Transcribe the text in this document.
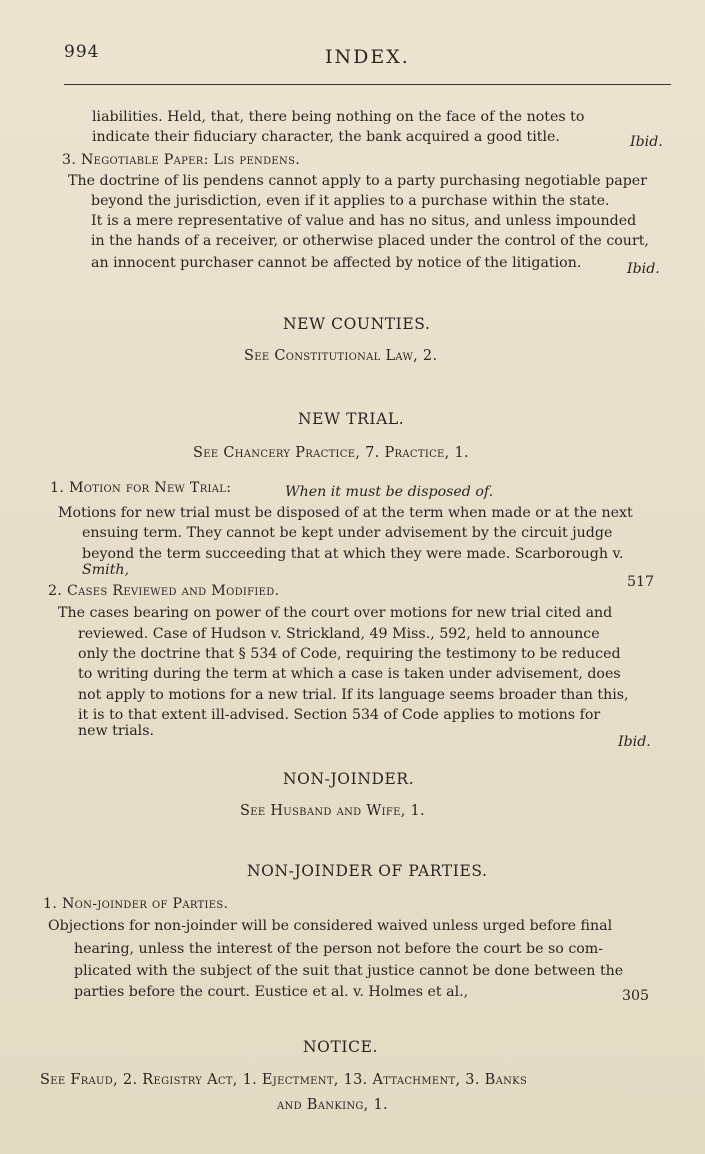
994	INDEX.
liabilities. Held, that, there being nothing on the face of the notes to
indicate their fiduciary character, the bank acquired a good title.	Ibid.
3. Negotiable Paper: Lis pendens.
The doctrine of lis pendens cannot apply to a party purchasing negotiable paper
beyond the jurisdiction, even if it applies to a purchase within the state.
It is a mere representative of value and has no situs, and unless impounded
in the hands of a receiver, or otherwise placed under the control of the court,
an innocent purchaser cannot be affected by notice of the litigation.	Ibid.
NEW COUNTIES.
See Constitutional Law, 2.
NEW TRIAL.
See Chancery Practice, 7. Practice, 1.
1. Motion for New Trial:	When it must be disposed of.
Motions for new trial must be disposed of at the term when made or at the next
ensuing term. They cannot be kept under advisement by the circuit judge
beyond the term succeeding that at which they were made. Scarborough v.
Smith,
517
2. Cases Reviewed and Modified.
The cases bearing on power of the court over motions for new trial cited and
reviewed. Case of Hudson v. Strickland, 49 Miss., 592, held to announce
only the doctrine that § 534 of Code, requiring the testimony to be reduced
to writing during the term at which a case is taken under advisement, does
not apply to motions for a new trial. If its language seems broader than this,
it is to that extent ill-advised. Section 534 of Code applies to motions for
new trials.
Ibid.
NON-JOINDER.
See Husband and Wife, 1.
NON-JOINDER OF PARTIES.
1. Non-joinder of Parties.
Objections for non-joinder will be considered waived unless urged before final
hearing, unless the interest of the person not before the court be so com-
plicated with the subject of the suit that justice cannot be done between the
parties before the court. Eustice et al. v. Holmes et al.,	305
NOTICE.
See Fraud, 2. Registry Act, 1. Ejectment, 13. Attachment, 3. Banks
and Banking, 1.
